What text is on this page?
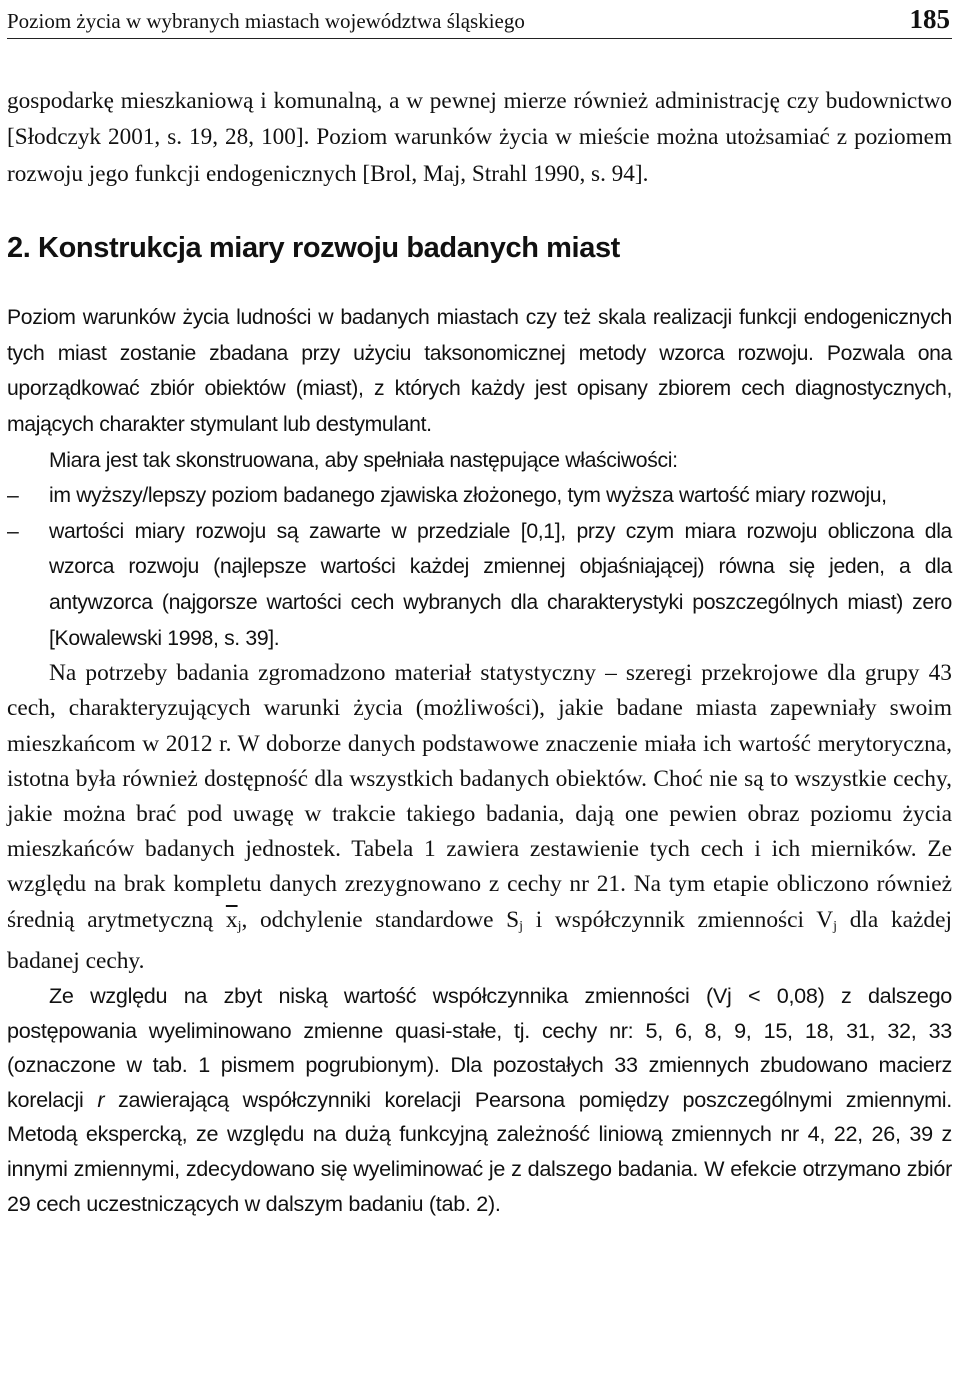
Poziom życia w wybranych miastach województwa śląskiego	185

gospodarkę mieszkaniową i komunalną, a w pewnej mierze również administrację czy budownictwo [Słodczyk 2001, s. 19, 28, 100]. Poziom warunków życia w mieście można utożsamiać z poziomem rozwoju jego funkcji endogenicznych [Brol, Maj, Strahl 1990, s. 94].

2. Konstrukcja miary rozwoju badanych miast

Poziom warunków życia ludności w badanych miastach czy też skala realizacji funkcji endogenicznych tych miast zostanie zbadana przy użyciu taksonomicznej metody wzorca rozwoju. Pozwala ona uporządkować zbiór obiektów (miast), z których każdy jest opisany zbiorem cech diagnostycznych, mających charakter stymulant lub destymulant.

Miara jest tak skonstruowana, aby spełniała następujące właściwości:

– im wyższy/lepszy poziom badanego zjawiska złożonego, tym wyższa wartość miary rozwoju,
– wartości miary rozwoju są zawarte w przedziale [0,1], przy czym miara rozwoju obliczona dla wzorca rozwoju (najlepsze wartości każdej zmiennej objaśniającej) równa się jeden, a dla antywzorca (najgorsze wartości cech wybranych dla charakterystyki poszczególnych miast) zero [Kowalewski 1998, s. 39].

Na potrzeby badania zgromadzono materiał statystyczny – szeregi przekrojowe dla grupy 43 cech, charakteryzujących warunki życia (możliwości), jakie badane miasta zapewniały swoim mieszkańcom w 2012 r. W doborze danych podstawowe znaczenie miała ich wartość merytoryczna, istotna była również dostępność dla wszystkich badanych obiektów. Choć nie są to wszystkie cechy, jakie można brać pod uwagę w trakcie takiego badania, dają one pewien obraz poziomu życia mieszkańców badanych jednostek. Tabela 1 zawiera zestawienie tych cech i ich mierników. Ze względu na brak kompletu danych zrezygnowano z cechy nr 21. Na tym etapie obliczono również średnią arytmetyczną $\overline{x}_j$, odchylenie standardowe $S_j$ i współczynnik zmienności $V_j$ dla każdej badanej cechy.

Ze względu na zbyt niską wartość współczynnika zmienności (Vj < 0,08) z dalszego postępowania wyeliminowano zmienne quasi-stałe, tj. cechy nr: 5, 6, 8, 9, 15, 18, 31, 32, 33 (oznaczone w tab. 1 pismem pogrubionym). Dla pozostałych 33 zmiennych zbudowano macierz korelacji r zawierającą współczynniki korelacji Pearsona pomiędzy poszczególnymi zmiennymi. Metodą ekspercką, ze względu na dużą funkcyjną zależność liniową zmiennych nr 4, 22, 26, 39 z innymi zmiennymi, zdecydowano się wyeliminować je z dalszego badania. W efekcie otrzymano zbiór 29 cech uczestniczących w dalszym badaniu (tab. 2).
